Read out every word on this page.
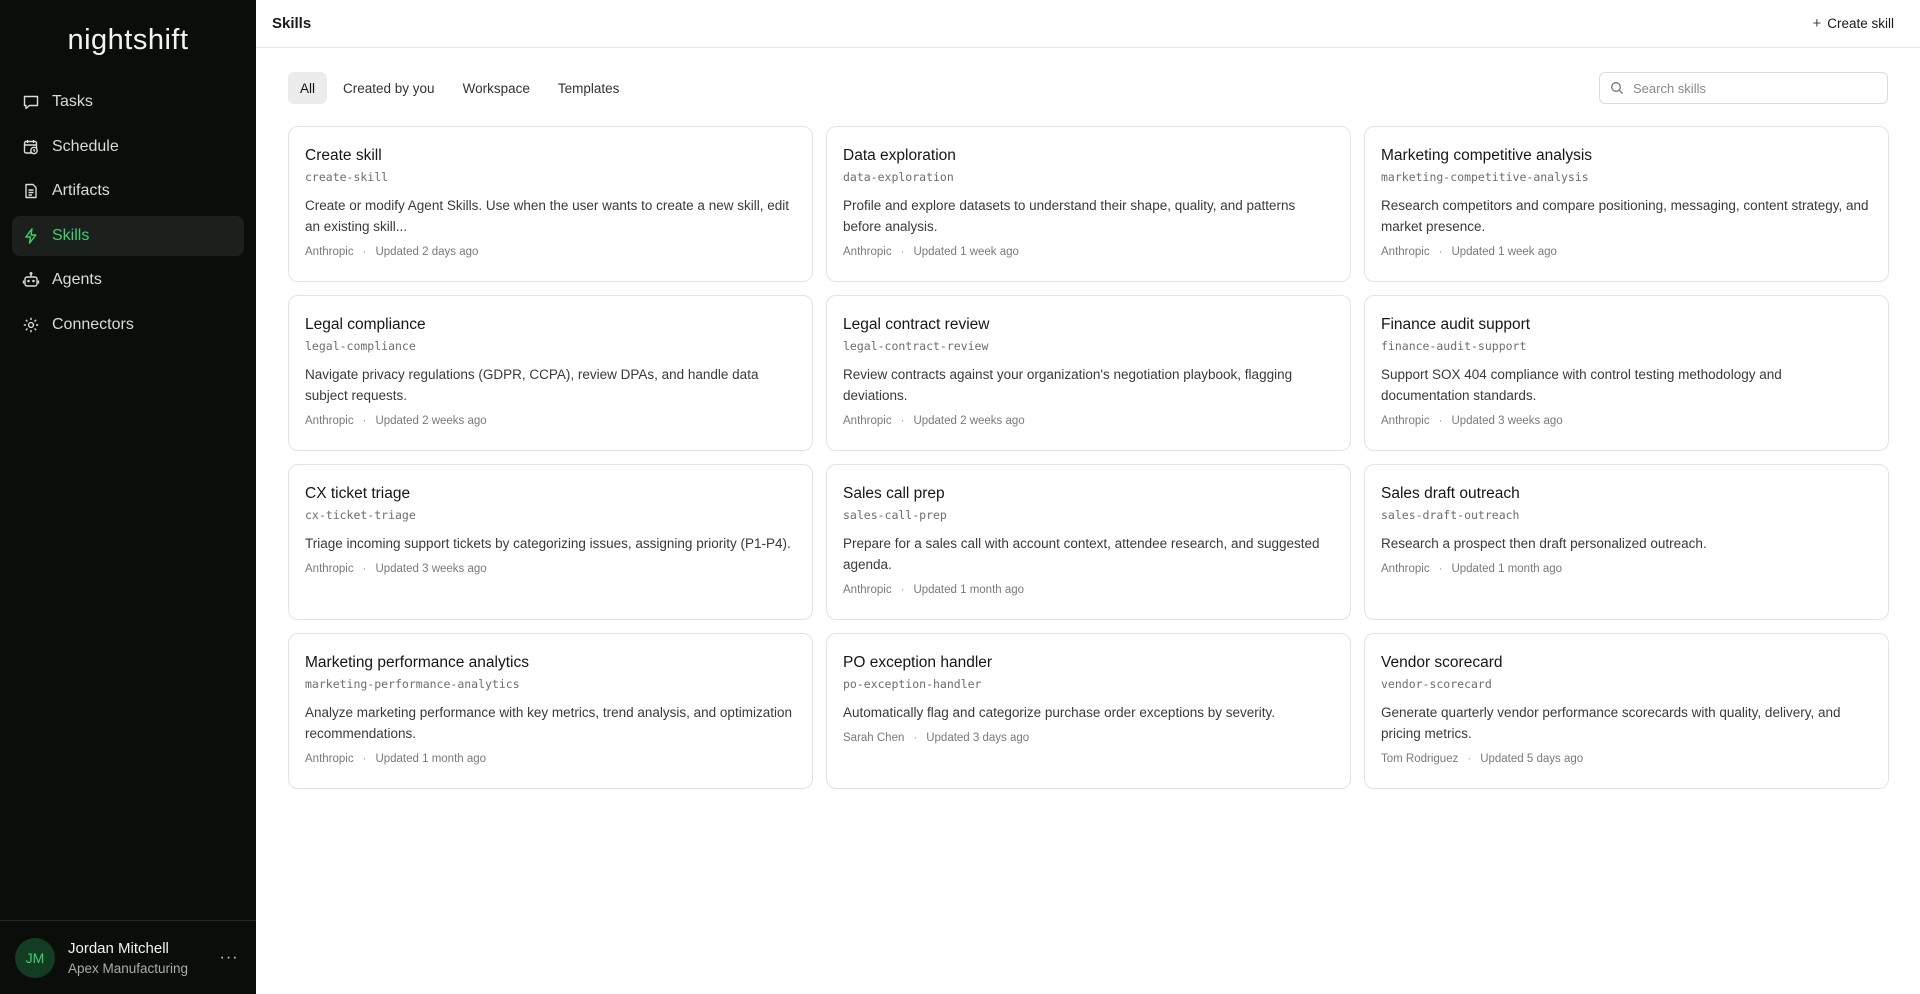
nightshift
Tasks
Schedule
Artifacts
Skills
Agents
Connectors
JM
Jordan Mitchell
Apex Manufacturing
···
Skills	+ Create skill
All	Created by you	Workspace	Templates
Search skills
Create skill
create-skill
Create or modify Agent Skills. Use when the user wants to create a new skill, edit an existing skill...
Anthropic · Updated 2 days ago
Data exploration
data-exploration
Profile and explore datasets to understand their shape, quality, and patterns before analysis.
Anthropic · Updated 1 week ago
Marketing competitive analysis
marketing-competitive-analysis
Research competitors and compare positioning, messaging, content strategy, and market presence.
Anthropic · Updated 1 week ago
Legal compliance
legal-compliance
Navigate privacy regulations (GDPR, CCPA), review DPAs, and handle data subject requests.
Anthropic · Updated 2 weeks ago
Legal contract review
legal-contract-review
Review contracts against your organization's negotiation playbook, flagging deviations.
Anthropic · Updated 2 weeks ago
Finance audit support
finance-audit-support
Support SOX 404 compliance with control testing methodology and documentation standards.
Anthropic · Updated 3 weeks ago
CX ticket triage
cx-ticket-triage
Triage incoming support tickets by categorizing issues, assigning priority (P1-P4).
Anthropic · Updated 3 weeks ago
Sales call prep
sales-call-prep
Prepare for a sales call with account context, attendee research, and suggested agenda.
Anthropic · Updated 1 month ago
Sales draft outreach
sales-draft-outreach
Research a prospect then draft personalized outreach.
Anthropic · Updated 1 month ago
Marketing performance analytics
marketing-performance-analytics
Analyze marketing performance with key metrics, trend analysis, and optimization recommendations.
Anthropic · Updated 1 month ago
PO exception handler
po-exception-handler
Automatically flag and categorize purchase order exceptions by severity.
Sarah Chen · Updated 3 days ago
Vendor scorecard
vendor-scorecard
Generate quarterly vendor performance scorecards with quality, delivery, and pricing metrics.
Tom Rodriguez · Updated 5 days ago
